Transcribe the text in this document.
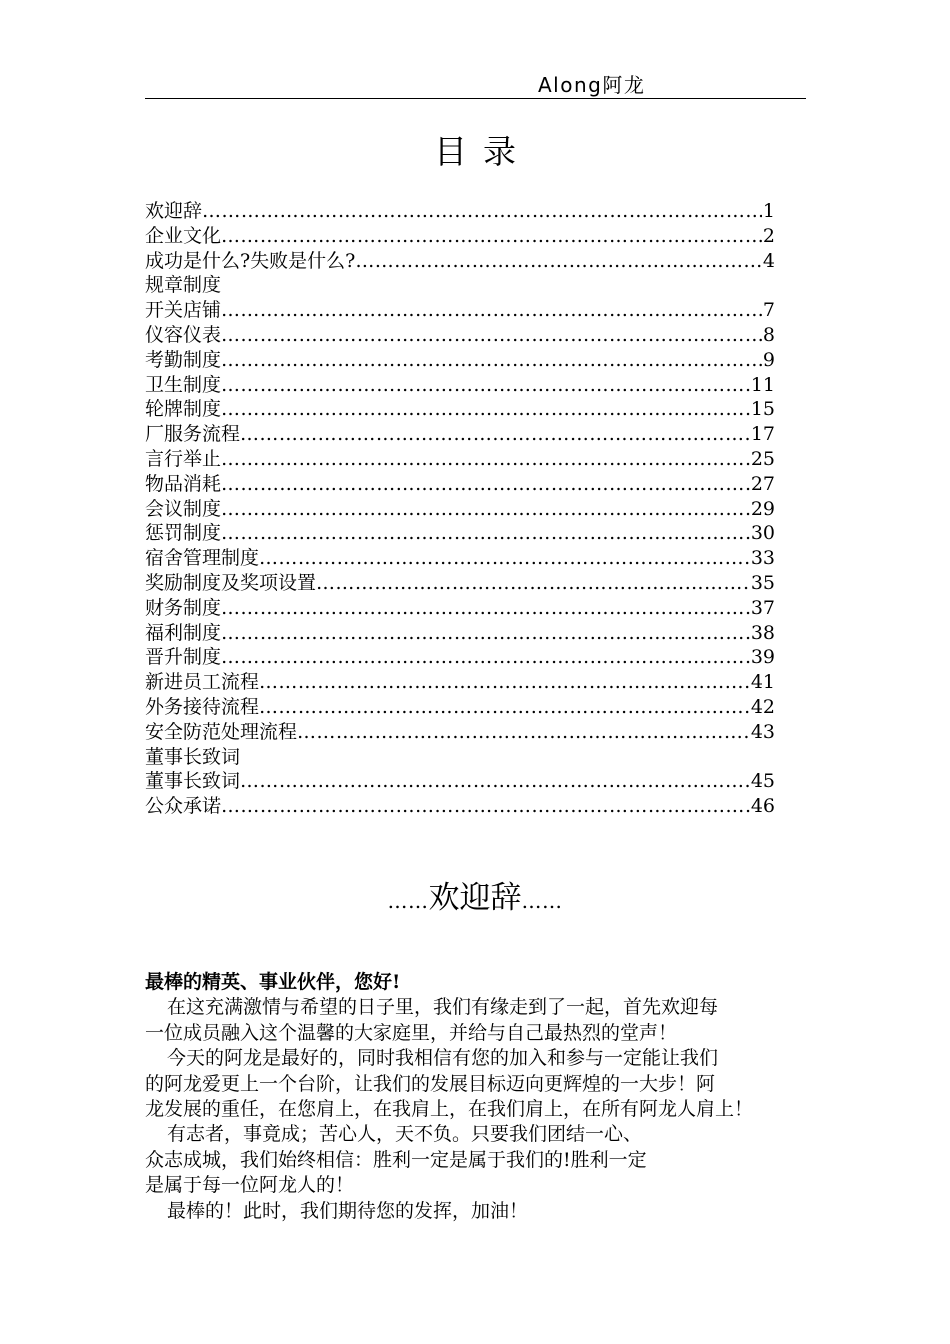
Along阿龙
目录
欢迎辞 …………………………………………………………………………………………………………………………	1
企业文化 …………………………………………………………………………………………………………………………	2
成功是什么?失败是什么? …………………………………………………………………………………………………………………………	4
规章制度
开关店铺 …………………………………………………………………………………………………………………………	7
仪容仪表 …………………………………………………………………………………………………………………………	8
考勤制度 …………………………………………………………………………………………………………………………	9
卫生制度 …………………………………………………………………………………………………………………………	11
轮牌制度 …………………………………………………………………………………………………………………………	15
厂服务流程 …………………………………………………………………………………………………………………………	17
言行举止 …………………………………………………………………………………………………………………………	25
物品消耗 …………………………………………………………………………………………………………………………	27
会议制度 …………………………………………………………………………………………………………………………	29
惩罚制度 …………………………………………………………………………………………………………………………	30
宿舍管理制度 …………………………………………………………………………………………………………………………	33
奖励制度及奖项设置 …………………………………………………………………………………………………………………………	35
财务制度 …………………………………………………………………………………………………………………………	37
福利制度 …………………………………………………………………………………………………………………………	38
晋升制度 …………………………………………………………………………………………………………………………	39
新进员工流程 …………………………………………………………………………………………………………………………	41
外务接待流程 …………………………………………………………………………………………………………………………	42
安全防范处理流程 …………………………………………………………………………………………………………………………	43
董事长致词
董事长致词 …………………………………………………………………………………………………………………………	45
公众承诺 …………………………………………………………………………………………………………………………	46
……欢迎辞……
最棒的精英、事业伙伴，您好!
在这充满激情与希望的日子里，我们有缘走到了一起，首先欢迎每
一位成员融入这个温馨的大家庭里，并给与自己最热烈的堂声！
今天的阿龙是最好的，同时我相信有您的加入和参与一定能让我们
的阿龙爱更上一个台阶，让我们的发展目标迈向更辉煌的一大步！阿
龙发展的重任，在您肩上，在我肩上，在我们肩上，在所有阿龙人肩上！
有志者，事竟成；苦心人，天不负。只要我们团结一心、
众志成城，我们始终相信：胜利一定是属于我们的!胜利一定
是属于每一位阿龙人的！
最棒的！此时，我们期待您的发挥，加油！
